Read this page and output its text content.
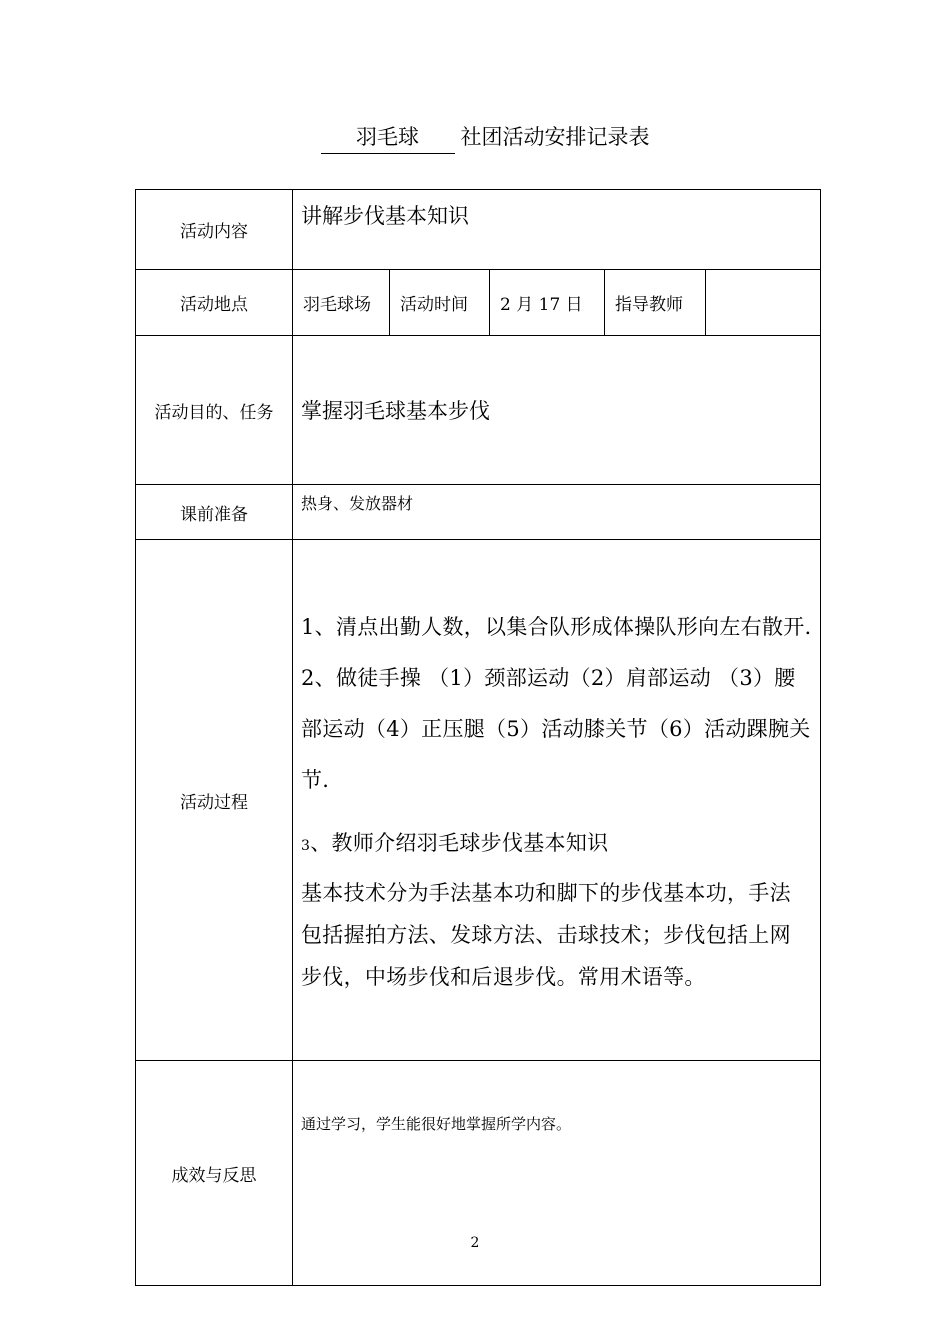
羽毛球 社团活动安排记录表
活动内容	讲解步伐基本知识				
活动地点	羽毛球场	活动时间	2 月 17 日	指导教师	
活动目的、任务	掌握羽毛球基本步伐				
课前准备	热身、发放器材				
活动过程	1、清点出勤人数，以集合队形成体操队形向左右散开.

2、做徒手操 （1）颈部运动（2）肩部运动 （3）腰部运动（4）正压腿（5）活动膝关节（6）活动踝腕关节.

3、教师介绍羽毛球步伐基本知识

基本技术分为手法基本功和脚下的步伐基本功，手法包括握拍方法、发球方法、击球技术；步伐包括上网步伐，中场步伐和后退步伐。常用术语等。				

成效与反思	通过学习，学生能很好地掌握所学内容。				
2
